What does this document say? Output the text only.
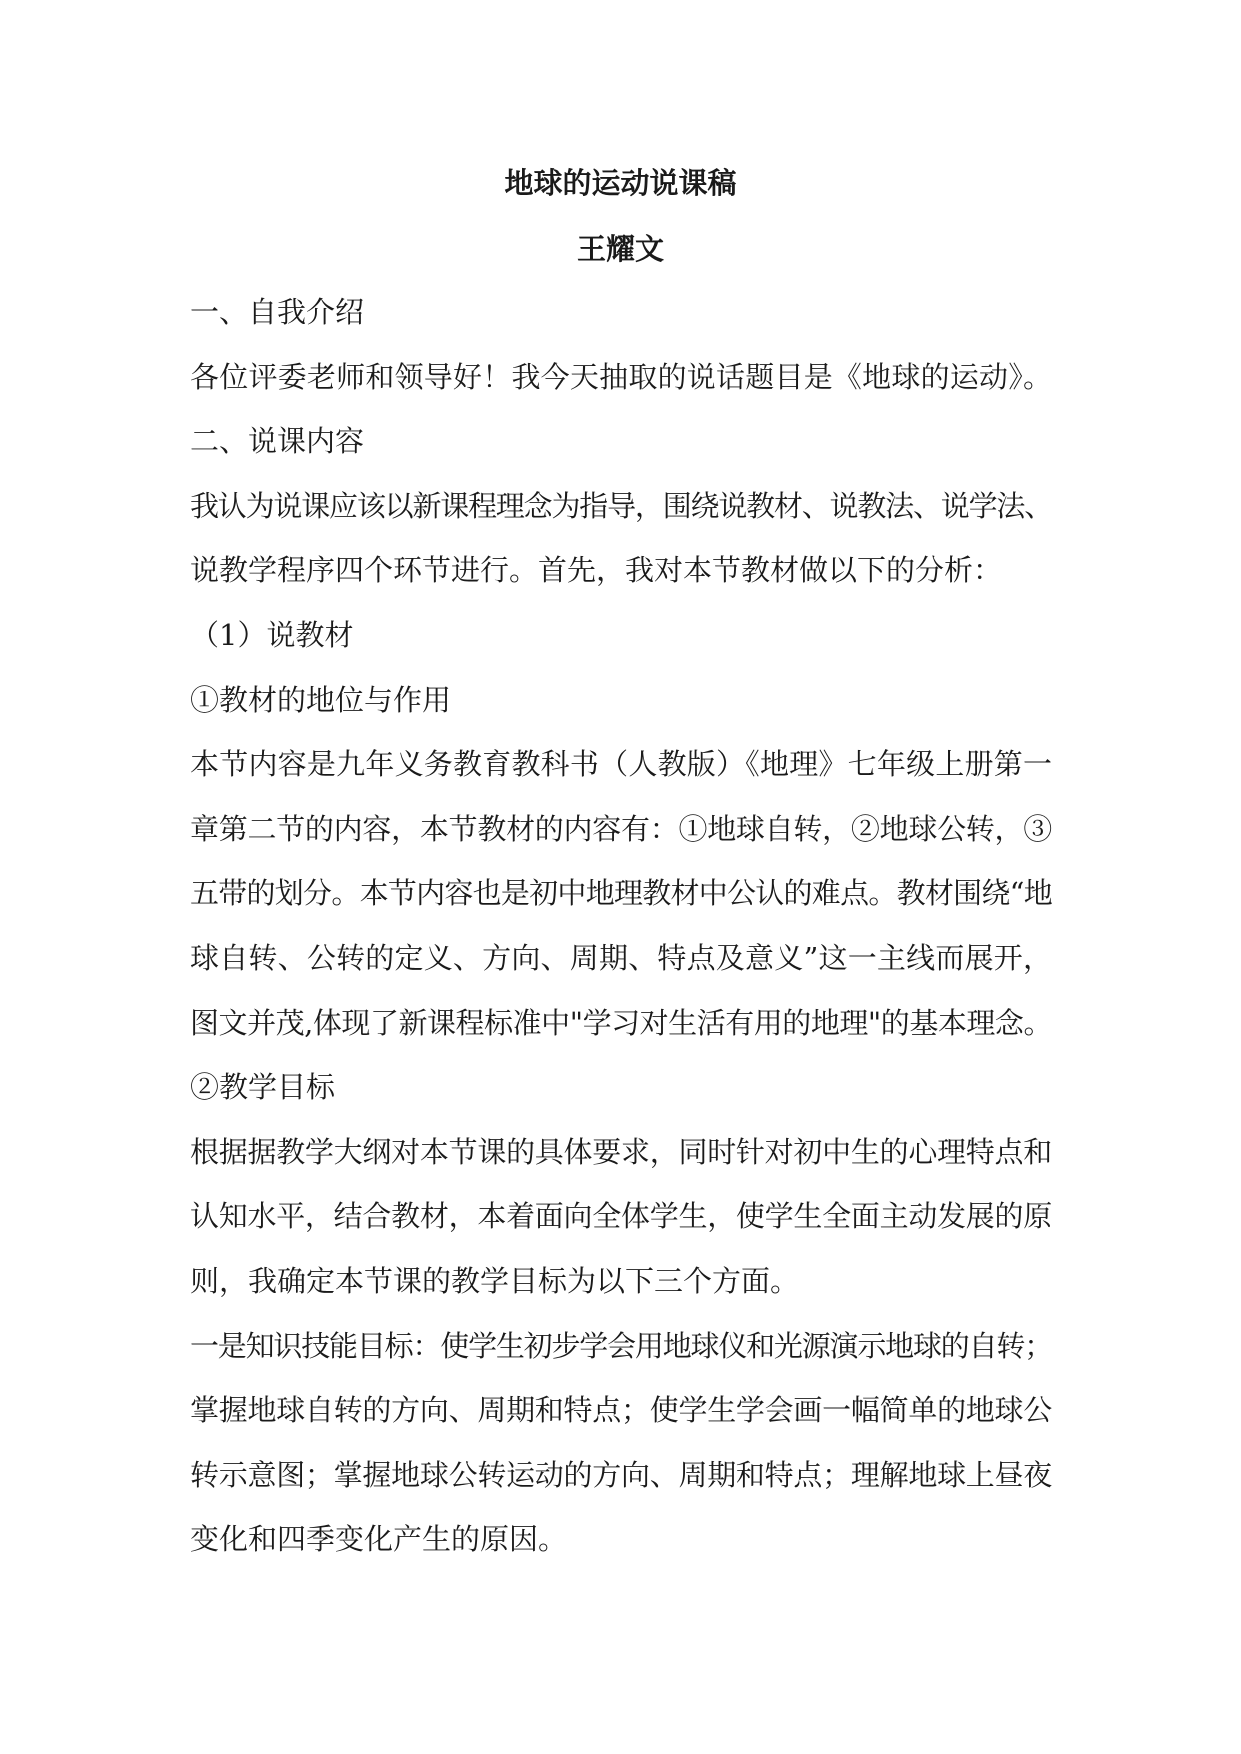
地球的运动说课稿
王耀文
一、自我介绍
各位评委老师和领导好！我今天抽取的说话题目是《地球的运动》。
二、说课内容
我认为说课应该以新课程理念为指导，围绕说教材、说教法、说学法、
说教学程序四个环节进行。首先，我对本节教材做以下的分析：
（1）说教材
①教材的地位与作用
本节内容是九年义务教育教科书（人教版）《地理》七年级上册第一
章第二节的内容，本节教材的内容有：①地球自转，②地球公转，③
五带的划分。本节内容也是初中地理教材中公认的难点。教材围绕“地
球自转、公转的定义、方向、周期、特点及意义”这一主线而展开，
图文并茂,体现了新课程标准中"学习对生活有用的地理"的基本理念。
②教学目标
根据据教学大纲对本节课的具体要求，同时针对初中生的心理特点和
认知水平，结合教材，本着面向全体学生，使学生全面主动发展的原
则，我确定本节课的教学目标为以下三个方面。
一是知识技能目标：使学生初步学会用地球仪和光源演示地球的自转；
掌握地球自转的方向、周期和特点；使学生学会画一幅简单的地球公
转示意图；掌握地球公转运动的方向、周期和特点；理解地球上昼夜
变化和四季变化产生的原因。
